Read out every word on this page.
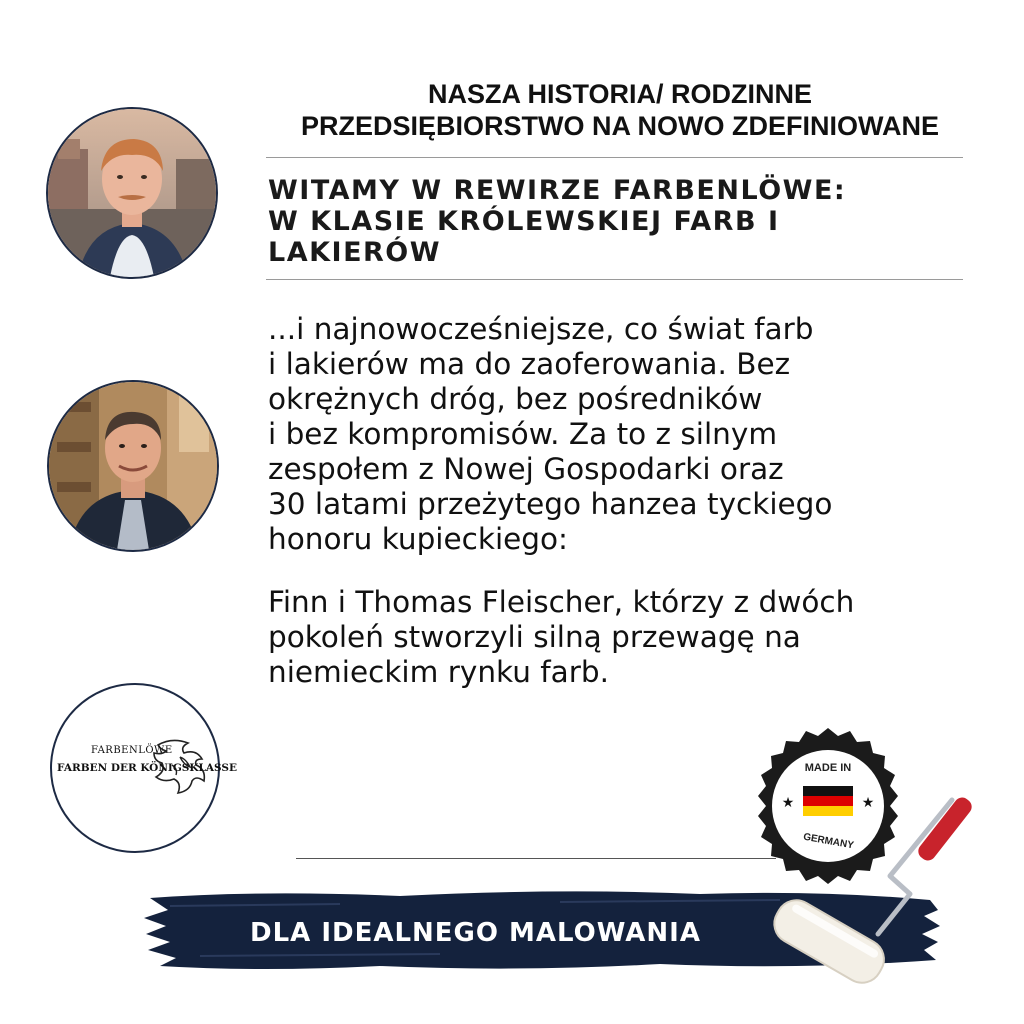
NASZA HISTORIA/ RODZINNE
PRZEDSIĘBIORSTWO NA NOWO ZDEFINIOWANE
WITAMY W REWIRZE FARBENLÖWE:
W KLASIE KRÓLEWSKIEJ FARB I
LAKIERÓW
...i najnowocześniejsze, co świat farb
i lakierów ma do zaoferowania. Bez
okrężnych dróg, bez pośredników
i bez kompromisów. Za to z silnym
zespołem z Nowej Gospodarki oraz
30 latami przeżytego hanzea tyckiego
honoru kupieckiego:
Finn i Thomas Fleischer, którzy z dwóch
pokoleń stworzyli silną przewagę na
niemieckim rynku farb.
FARBENLÖWE
FARBEN DER KÖNIGSKLASSE	MADE IN
★	★
GERMANY
DLA IDEALNEGO MALOWANIA
